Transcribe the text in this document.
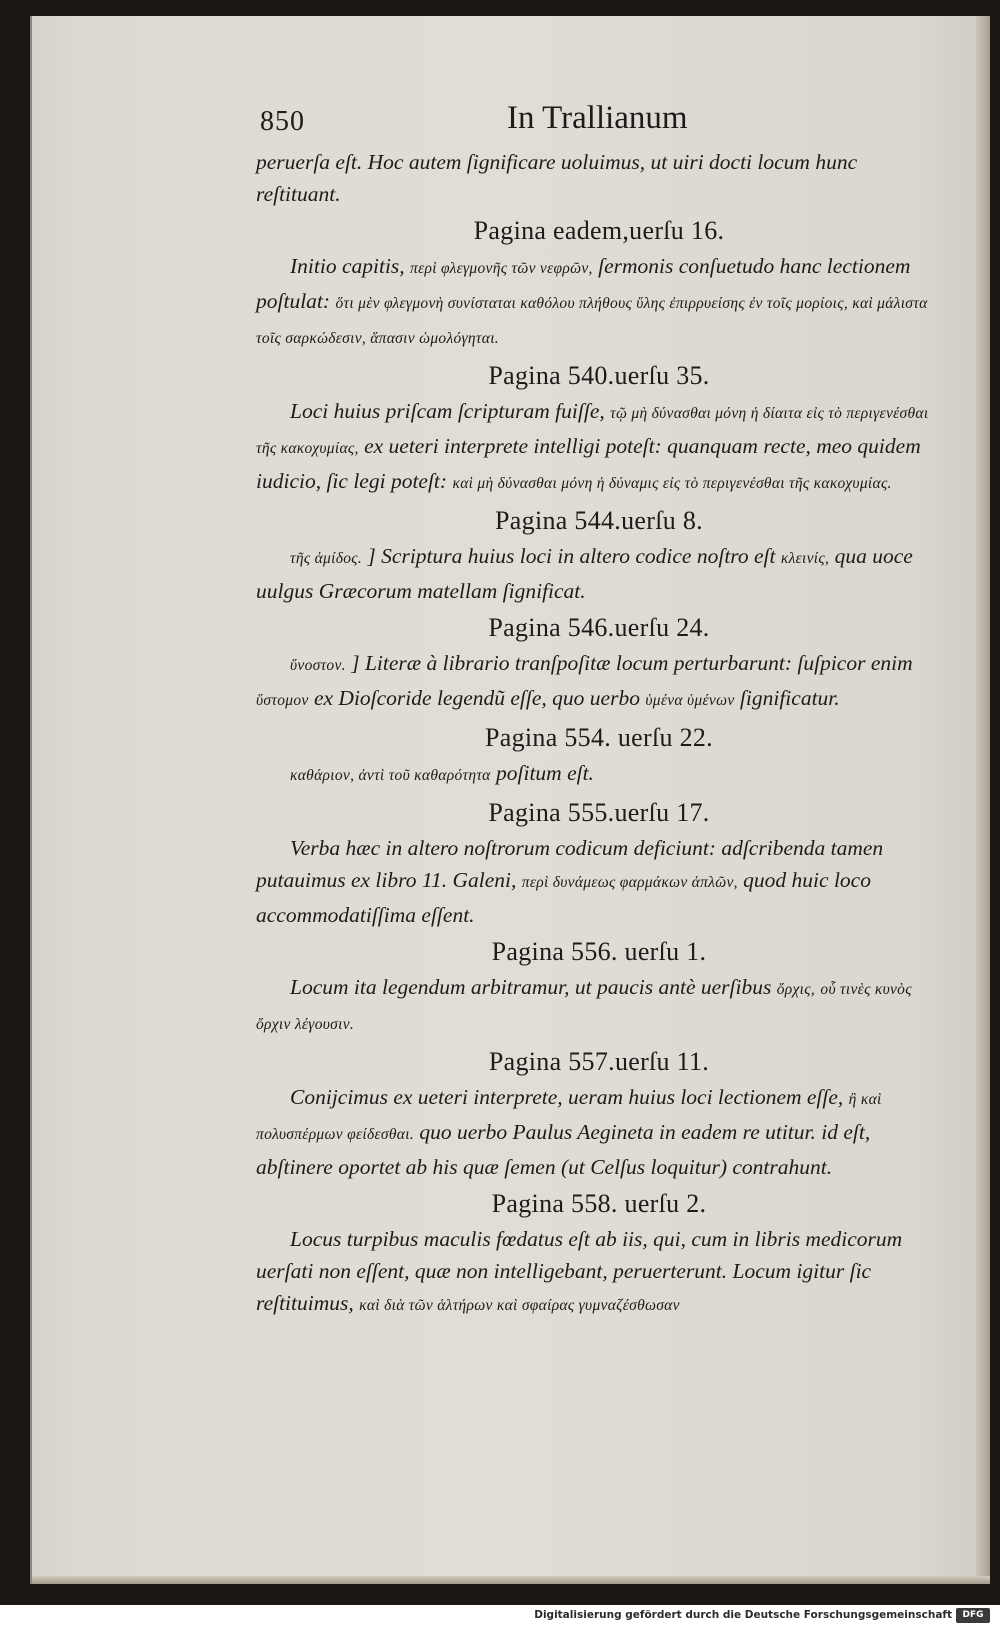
850	In Trallianum

peruerſa eſt. Hoc autem ſignificare uoluimus, ut uiri docti locum hunc reſtituant.

Pagina eadem,uerſu 16.

Initio capitis, περὶ φλεγμονῆς τῶν νεφρῶν, ſermonis conſuetudo hanc lectionem poſtulat: ὅτι μὲν φλεγμονὴ συνίσταται καθόλου πλήθους ὕλης ἐπιρρυείσης ἐν τοῖς μορίοις, καὶ μάλιστα τοῖς σαρκώδεσιν, ἅπασιν ὡμολόγηται.

Pagina 540.uerſu 35.

Loci huius priſcam ſcripturam fuiſſe, τῷ μὴ δύνασθαι μόνη ἡ δίαιτα εἰς τὸ περιγενέσθαι τῆς κακοχυμίας, ex ueteri interprete intelligi poteſt: quanquam recte, meo quidem iudicio, ſic legi poteſt: καὶ μὴ δύνασθαι μόνη ἡ δύναμις εἰς τὸ περιγενέσθαι τῆς κακοχυμίας.

Pagina 544.uerſu 8.

τῆς ἁμίδος. ] Scriptura huius loci in altero codice noſtro eſt κλεινίς, qua uoce uulgus Græcorum matellam ſignificat.

Pagina 546.uerſu 24.

ὕνοστον. ] Literæ à librario tranſpoſitæ locum perturbarunt: ſuſpicor enim ὕστομον ex Dioſcoride legendũ eſſe, quo uerbo ὑμένα ὑμένων ſignificatur.

Pagina 554. uerſu 22.

καθάριον, ἀντὶ τοῦ καθαρότητα poſitum eſt.

Pagina 555.uerſu 17.

Verba hæc in altero noſtrorum codicum deficiunt: adſcribenda tamen putauimus ex libro 11. Galeni, περὶ δυνάμεως φαρμάκων ἁπλῶν, quod huic loco accommodatiſſima eſſent.

Pagina 556. uerſu 1.

Locum ita legendum arbitramur, ut paucis antè uerſibus ὄρχις, οὗ τινὲς κυνὸς ὄρχιν λέγουσιν.

Pagina 557.uerſu 11.

Conijcimus ex ueteri interprete, ueram huius loci lectionem eſſe, ἢ καὶ πολυσπέρμων φείδεσθαι. quo uerbo Paulus Aegineta in eadem re utitur. id eſt, abſtinere oportet ab his quæ ſemen (ut Celſus loquitur) contrahunt.

Pagina 558. uerſu 2.

Locus turpibus maculis fœdatus eſt ab iis, qui, cum in libris medicorum uerſati non eſſent, quæ non intelligebant, peruerterunt. Locum igitur ſic reſtituimus, καὶ διὰ τῶν ἁλτήρων καὶ σφαίρας γυμναζέσθωσαν

Digitalisierung gefördert durch die Deutsche Forschungsgemeinschaft	DFG
